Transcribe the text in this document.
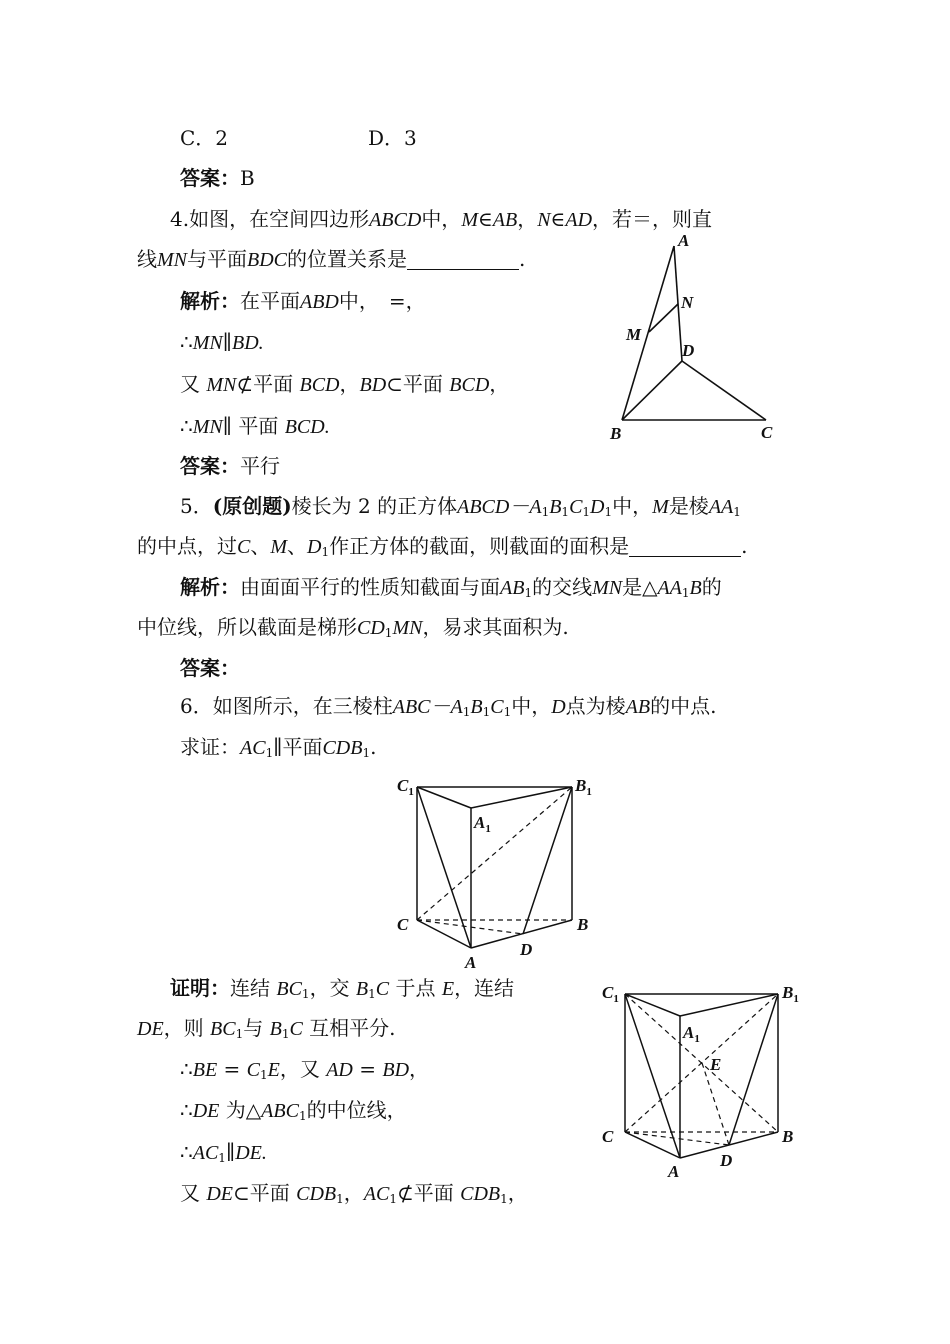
C．2	D．3
答案：B
4.如图，在空间四边形ABCD中，M∈AB，N∈AD，若＝，则直
线MN与平面BDC的位置关系是	.
解析：在平面ABD中，　=，
∴MN∥BD.
又 MN⊄平面 BCD，BD⊂平面 BCD，
∴MN∥ 平面 BCD.
答案：平行
A
N
M
D
B	C
5．(原创题)棱长为 2 的正方体$ABCD-A_1B_1C_1D_1$中，M是棱$AA_1$
的中点，过C、M、$D_1$作正方体的截面，则截面的面积是	.
解析：由面面平行的性质知截面与面$AB_1$的交线MN是$\triangle AA_1B$的
中位线，所以截面是梯形$CD_1MN$，易求其面积为.
答案：
6．如图所示，在三棱柱$ABC-A_1B_1C_1$中，D点为棱AB的中点.
求证：$AC_1\parallel$平面$CDB_1$.
$C_1$	$B_1$
$A_1$
C	B
A
D
证明：连结 $BC_1$，交 $B_1C$ 于点 E，连结
DE，则 $BC_1$与 $B_1C$ 互相平分.
∴BE = $C_1E$，又 AD = BD，
∴DE 为$\triangle ABC_1$的中位线，
$\therefore AC_1\parallel DE$.
又 DE⊂平面 $CDB_1$，$AC_1⊄$平面 $CDB_1$，
$C_1$	$B_1$
$A_1$
E
C	B
A
D
